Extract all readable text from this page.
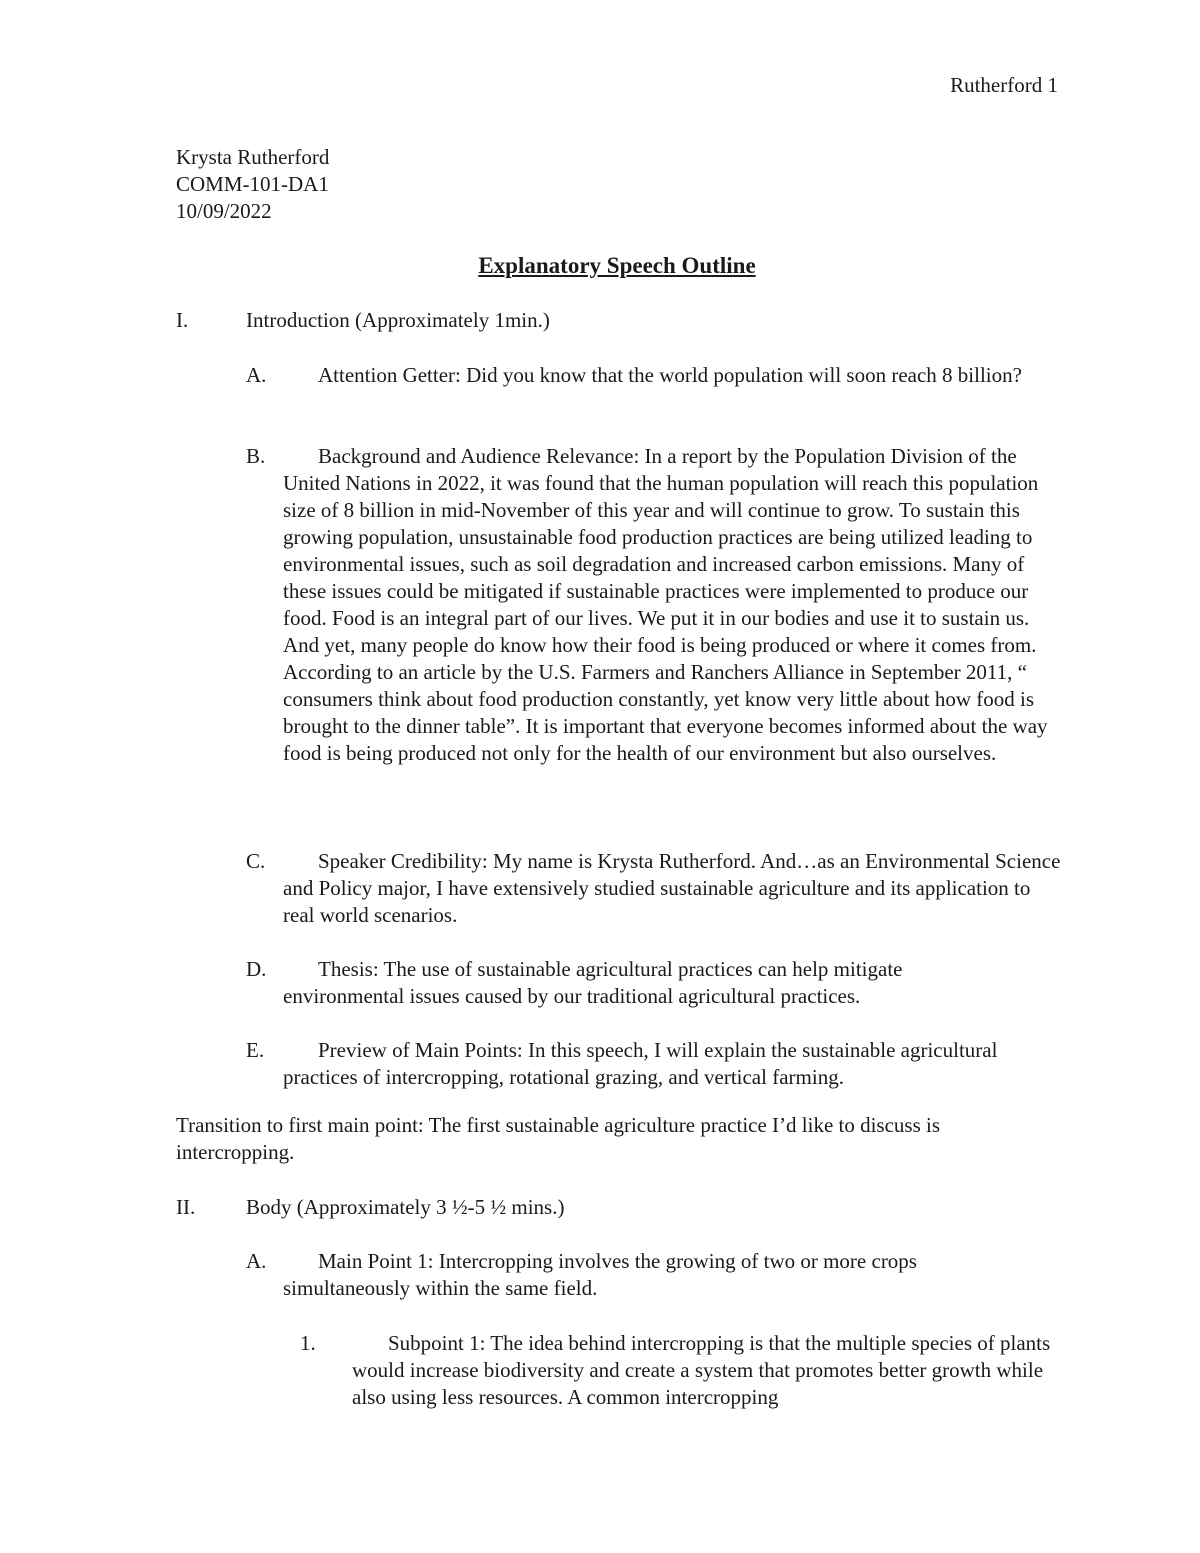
Rutherford 1
Krysta Rutherford
COMM-101-DA1
10/09/2022
Explanatory Speech Outline
I.	Introduction (Approximately 1min.)
A.	Attention Getter: Did you know that the world population will soon reach 8 billion?
B.	Background and Audience Relevance: In a report by the Population Division of the United Nations in 2022, it was found that the human population will reach this population size of 8 billion in mid-November of this year and will continue to grow. To sustain this growing population, unsustainable food production practices are being utilized leading to environmental issues, such as soil degradation and increased carbon emissions. Many of these issues could be mitigated if sustainable practices were implemented to produce our food. Food is an integral part of our lives. We put it in our bodies and use it to sustain us. And yet, many people do know how their food is being produced or where it comes from. According to an article by the U.S. Farmers and Ranchers Alliance in September 2011, “ consumers think about food production constantly, yet know very little about how food is brought to the dinner table”. It is important that everyone becomes informed about the way food is being produced not only for the health of our environment but also ourselves.
C.	Speaker Credibility: My name is Krysta Rutherford. And…as an Environmental Science and Policy major, I have extensively studied sustainable agriculture and its application to real world scenarios.
D.	Thesis: The use of sustainable agricultural practices can help mitigate environmental issues caused by our traditional agricultural practices.
E.	Preview of Main Points: In this speech, I will explain the sustainable agricultural practices of intercropping, rotational grazing, and vertical farming.
Transition to first main point: The first sustainable agriculture practice I’d like to discuss is intercropping.
II. Body (Approximately 3 ½-5 ½ mins.)
A.	Main Point 1: Intercropping involves the growing of two or more crops simultaneously within the same field.
1.	Subpoint 1: The idea behind intercropping is that the multiple species of plants would increase biodiversity and create a system that promotes better growth while also using less resources. A common intercropping
